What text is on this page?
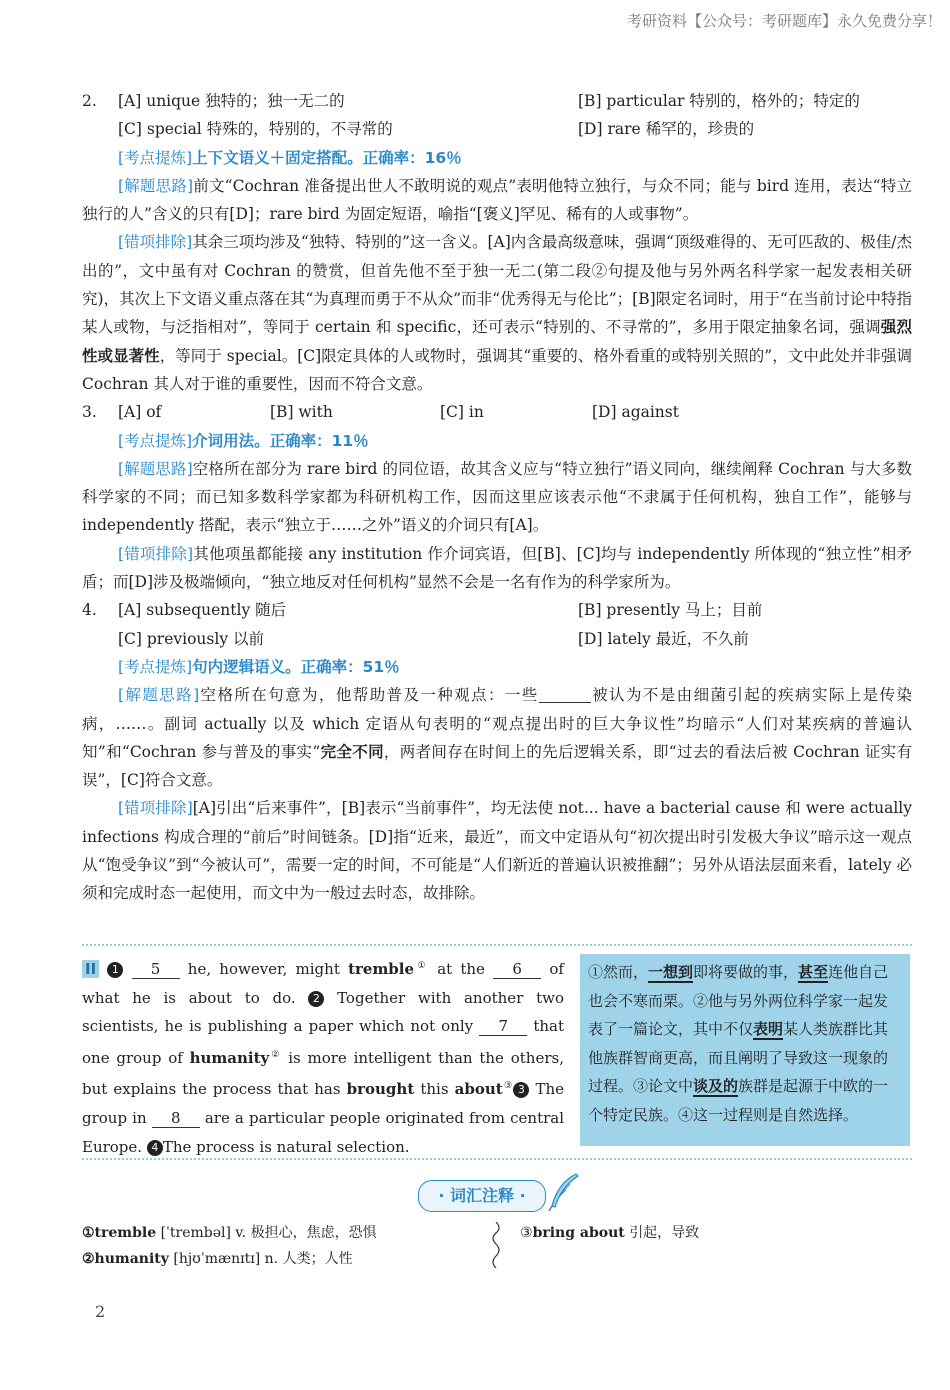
考研资料【公众号：考研题库】永久免费分享！
2. [A] unique 独特的；独一无二的	[B] particular 特别的，格外的；特定的
[C] special 特殊的，特别的，不寻常的	[D] rare 稀罕的，珍贵的
[考点提炼]上下文语义＋固定搭配。正确率：16％
[解题思路]前文“Cochran 准备提出世人不敢明说的观点”表明他特立独行，与众不同；能与 bird 连用，表达“特立独行的人”含义的只有[D]；rare bird 为固定短语，喻指“[褒义]罕见、稀有的人或事物”。
[错项排除]其余三项均涉及“独特、特别的”这一含义。[A]内含最高级意味，强调“顶级难得的、无可匹敌的、极佳/杰出的”，文中虽有对 Cochran 的赞赏，但首先他不至于独一无二(第二段②句提及他与另外两名科学家一起发表相关研究)，其次上下文语义重点落在其“为真理而勇于不从众”而非“优秀得无与伦比”；[B]限定名词时，用于“在当前讨论中特指某人或物，与泛指相对”，等同于 certain 和 specific，还可表示“特别的、不寻常的”，多用于限定抽象名词，强调强烈性或显著性，等同于 special。[C]限定具体的人或物时，强调其“重要的、格外看重的或特别关照的”，文中此处并非强调 Cochran 其人对于谁的重要性，因而不符合文意。
3. [A] of	[B] with	[C] in	[D] against
[考点提炼]介词用法。正确率：11％
[解题思路]空格所在部分为 rare bird 的同位语，故其含义应与“特立独行”语义同向，继续阐释 Cochran 与大多数科学家的不同；而已知多数科学家都为科研机构工作，因而这里应该表示他“不隶属于任何机构，独自工作”，能够与 independently 搭配，表示“独立于……之外”语义的介词只有[A]。
[错项排除]其他项虽都能接 any institution 作介词宾语，但[B]、[C]均与 independently 所体现的“独立性”相矛盾；而[D]涉及极端倾向，“独立地反对任何机构”显然不会是一名有作为的科学家所为。
4. [A] subsequently 随后	[B] presently 马上；目前
[C] previously 以前	[D] lately 最近，不久前
[考点提炼]句内逻辑语义。正确率：51％
[解题思路]空格所在句意为，他帮助普及一种观点：一些	被认为不是由细菌引起的疾病实际上是传染病，……。副词 actually 以及 which 定语从句表明的“观点提出时的巨大争议性”均暗示“人们对某疾病的普遍认知”和“Cochran 参与普及的事实”完全不同，两者间存在时间上的先后逻辑关系，即“过去的看法后被 Cochran 证实有误”，[C]符合文意。
[错项排除][A]引出“后来事件”，[B]表示“当前事件”，均无法使 not... have a bacterial cause 和 were actually infections 构成合理的“前后”时间链条。[D]指“近来，最近”，而文中定语从句“初次提出时引发极大争议”暗示这一观点从“饱受争议”到“今被认可”，需要一定的时间，不可能是“人们新近的普遍认识被推翻”；另外从语法层面来看，lately 必须和完成时态一起使用，而文中为一般过去时态，故排除。
II 1 5 he, however, might tremble① at the 6 of what he is about to do. 2 Together with another two scientists, he is publishing a paper which not only 7 that one group of humanity② is more intelligent than the others, but explains the process that has brought this about③ 3 The group in 8 are a particular people originated from central Europe. 4 The process is natural selection.
①然而，一想到即将要做的事，甚至连他自己也会不寒而栗。②他与另外两位科学家一起发表了一篇论文，其中不仅表明某人类族群比其他族群智商更高，而且阐明了导致这一现象的过程。③论文中谈及的族群是起源于中欧的一个特定民族。④这一过程则是自然选择。
· 词汇注释 ·
①tremble [ˈtrembəl] v. 极担心，焦虑，恐惧
②humanity [hjʊˈmænɪtɪ] n. 人类；人性
③bring about 引起，导致
2
